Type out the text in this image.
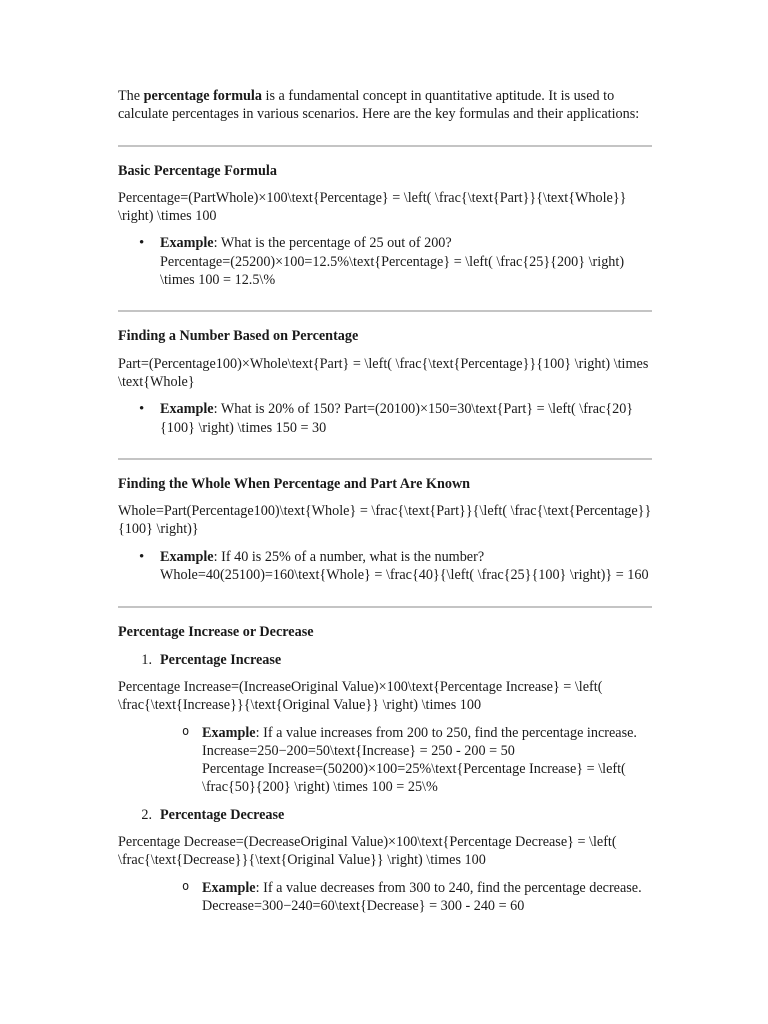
The percentage formula is a fundamental concept in quantitative aptitude. It is used to calculate percentages in various scenarios. Here are the key formulas and their applications:

Basic Percentage Formula

Percentage=(PartWhole)×100\text{Percentage} = \left( \frac{\text{Part}}{\text{Whole}} \right) \times 100

• Example: What is the percentage of 25 out of 200?
Percentage=(25200)×100=12.5%\text{Percentage} = \left( \frac{25}{200} \right) \times 100 = 12.5\%

Finding a Number Based on Percentage

Part=(Percentage100)×Whole\text{Part} = \left( \frac{\text{Percentage}}{100} \right) \times \text{Whole}

• Example: What is 20% of 150? Part=(20100)×150=30\text{Part} = \left( \frac{20}{100} \right) \times 150 = 30

Finding the Whole When Percentage and Part Are Known

Whole=Part(Percentage100)\text{Whole} = \frac{\text{Part}}{\left( \frac{\text{Percentage}}{100} \right)}

• Example: If 40 is 25% of a number, what is the number?
Whole=40(25100)=160\text{Whole} = \frac{40}{\left( \frac{25}{100} \right)} = 160

Percentage Increase or Decrease

1. Percentage Increase

Percentage Increase=(IncreaseOriginal Value)×100\text{Percentage Increase} = \left( \frac{\text{Increase}}{\text{Original Value}} \right) \times 100

o Example: If a value increases from 200 to 250, find the percentage increase.
Increase=250−200=50\text{Increase} = 250 - 200 = 50
Percentage Increase=(50200)×100=25%\text{Percentage Increase} = \left( \frac{50}{200} \right) \times 100 = 25\%
2. Percentage Decrease

Percentage Decrease=(DecreaseOriginal Value)×100\text{Percentage Decrease} = \left( \frac{\text{Decrease}}{\text{Original Value}} \right) \times 100

o Example: If a value decreases from 300 to 240, find the percentage decrease.
Decrease=300−240=60\text{Decrease} = 300 - 240 = 60
